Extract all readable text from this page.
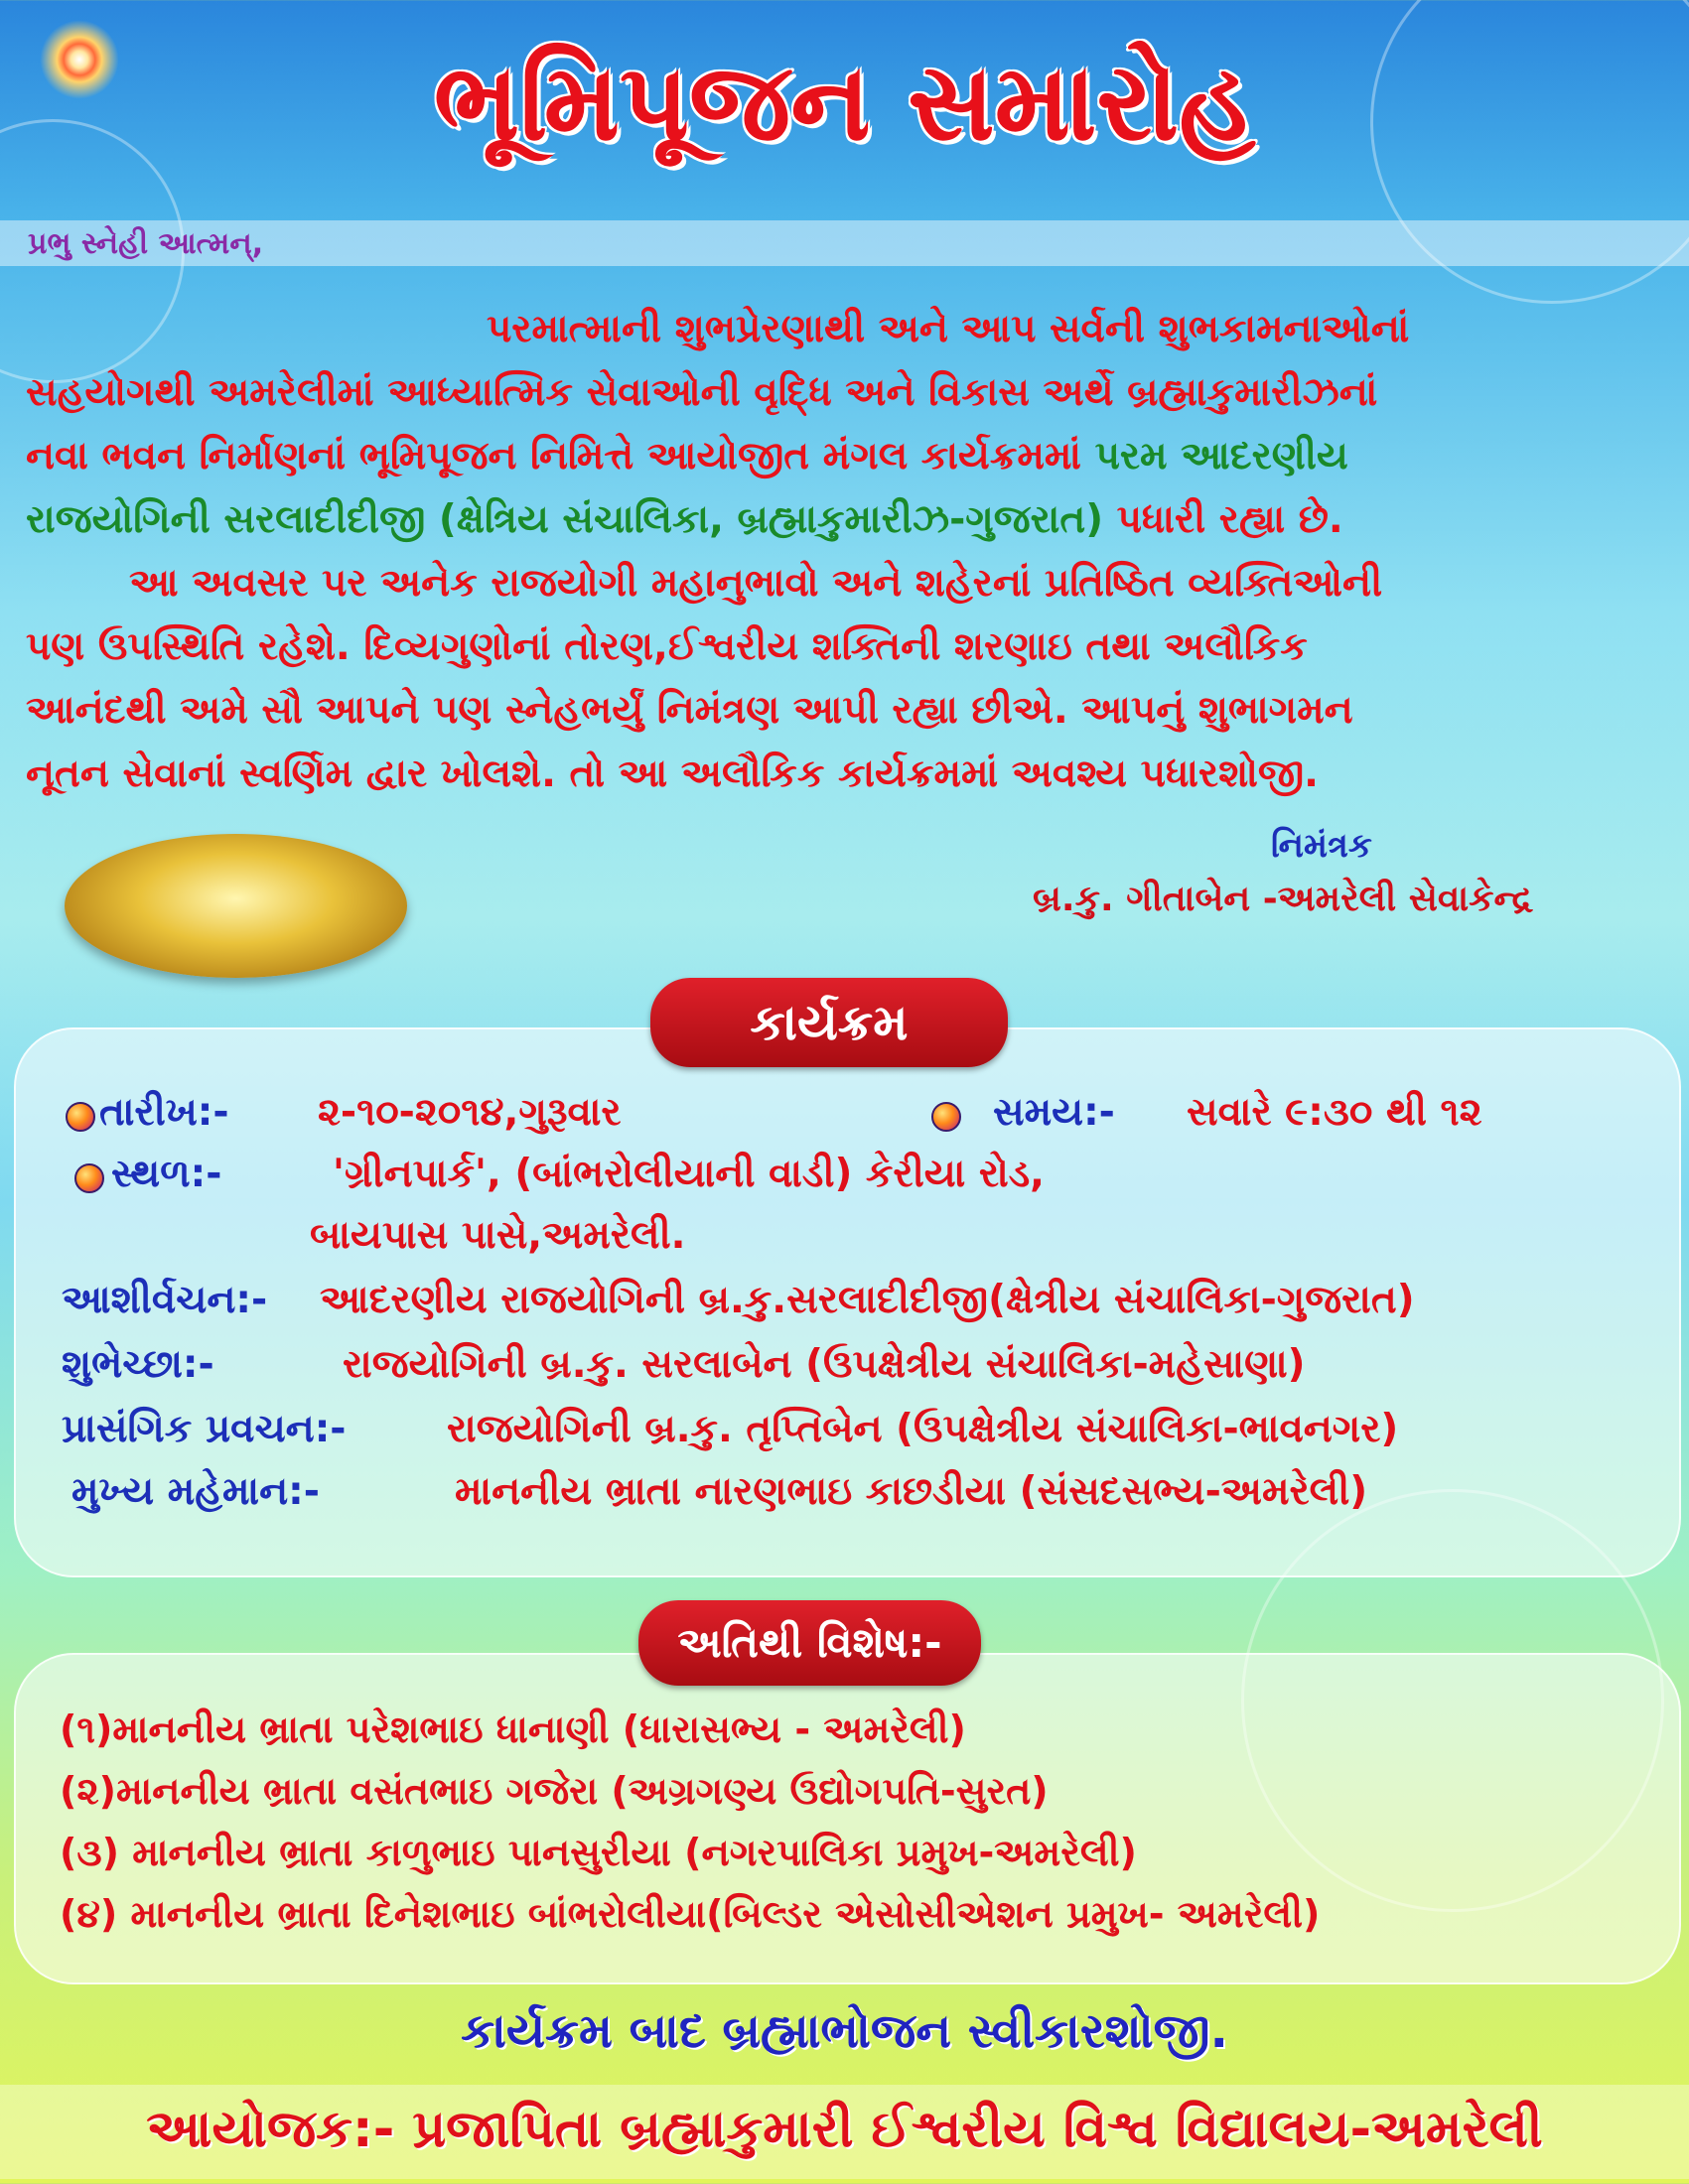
ભૂમિપૂજન સમારોહ
પ્રભુ સ્નેહી આત્મન્,
પરમાત્માની શુભપ્રેરણાથી અને આપ સર્વની શુભકામનાઓનાં
સહયોગથી અમરેલીમાં આધ્યાત્મિક સેવાઓની વૃદ્ધિ અને વિકાસ અર્થે બ્રહ્માકુમારીઝનાં
નવા ભવન નિર્માણનાં ભૂમિપૂજન નિમિત્તે આયોજીત મંગલ કાર્યક્રમમાં પરમ આદરણીય
રાજયોગિની સરલાદીદીજી (ક્ષેત્રિય સંચાલિકા, બ્રહ્માકુમારીઝ-ગુજરાત) પધારી રહ્યા છે.
આ અવસર પર અનેક રાજયોગી મહાનુભાવો અને શહેરનાં પ્રતિષ્ઠિત વ્યક્તિઓની
પણ ઉપસ્થિતિ રહેશે. દિવ્યગુણોનાં તોરણ,ઈશ્વરીય શક્તિની શરણાઇ તથા અલૌકિક
આનંદથી અમે સૌ આપને પણ સ્નેહભર્યું નિમંત્રણ આપી રહ્યા છીએ. આપનું શુભાગમન
નૂતન સેવાનાં સ્વર્ણિમ દ્વાર ખોલશે. તો આ અલૌકિક કાર્યક્રમમાં અવશ્ય પધારશોજી.
નિમંત્રક
બ્ર.કુ. ગીતાબેન -અમરેલી સેવાકેન્દ્ર
કાર્યક્રમ
તારીખ:- ૨-૧૦-૨૦૧૪,ગુરૂવાર	સમય:- સવારે ૯:૩૦ થી ૧૨
સ્થળ:-	'ગ્રીનપાર્ક', (બાંભરોલીયાની વાડી) કેરીયા રોડ,
બાયપાસ પાસે,અમરેલી.
આશીર્વચન:- આદરણીય રાજયોગિની બ્ર.કુ.સરલાદીદીજી(ક્ષેત્રીય સંચાલિકા-ગુજરાત)
શુભેચ્છા:-	રાજયોગિની બ્ર.કુ. સરલાબેન (ઉપક્ષેત્રીય સંચાલિકા-મહેસાણા)
પ્રાસંગિક પ્રવચન:-	રાજયોગિની બ્ર.કુ. તૃપ્તિબેન (ઉપક્ષેત્રીય સંચાલિકા-ભાવનગર)
મુખ્ય મહેમાન:-	માનનીય ભ્રાતા નારણભાઇ કાછડીયા (સંસદસભ્ય-અમરેલી)
અતિથી વિશેષ:-
(૧)માનનીય ભ્રાતા પરેશભાઇ ધાનાણી (ધારાસભ્ય - અમરેલી)
(૨)માનનીય ભ્રાતા વસંતભાઇ ગજેરા (અગ્રગણ્ય ઉદ્યોગપતિ-સુરત)
(૩) માનનીય ભ્રાતા કાળુભાઇ પાનસુરીયા (નગરપાલિકા પ્રમુખ-અમરેલી)
(૪) માનનીય ભ્રાતા દિનેશભાઇ બાંભરોલીયા(બિલ્ડર એસોસીએશન પ્રમુખ- અમરેલી)
કાર્યક્રમ બાદ બ્રહ્માભોજન સ્વીકારશોજી.
આયોજક:- પ્રજાપિતા બ્રહ્માકુમારી ઈશ્વરીય વિશ્વ વિદ્યાલય-અમરેલી
